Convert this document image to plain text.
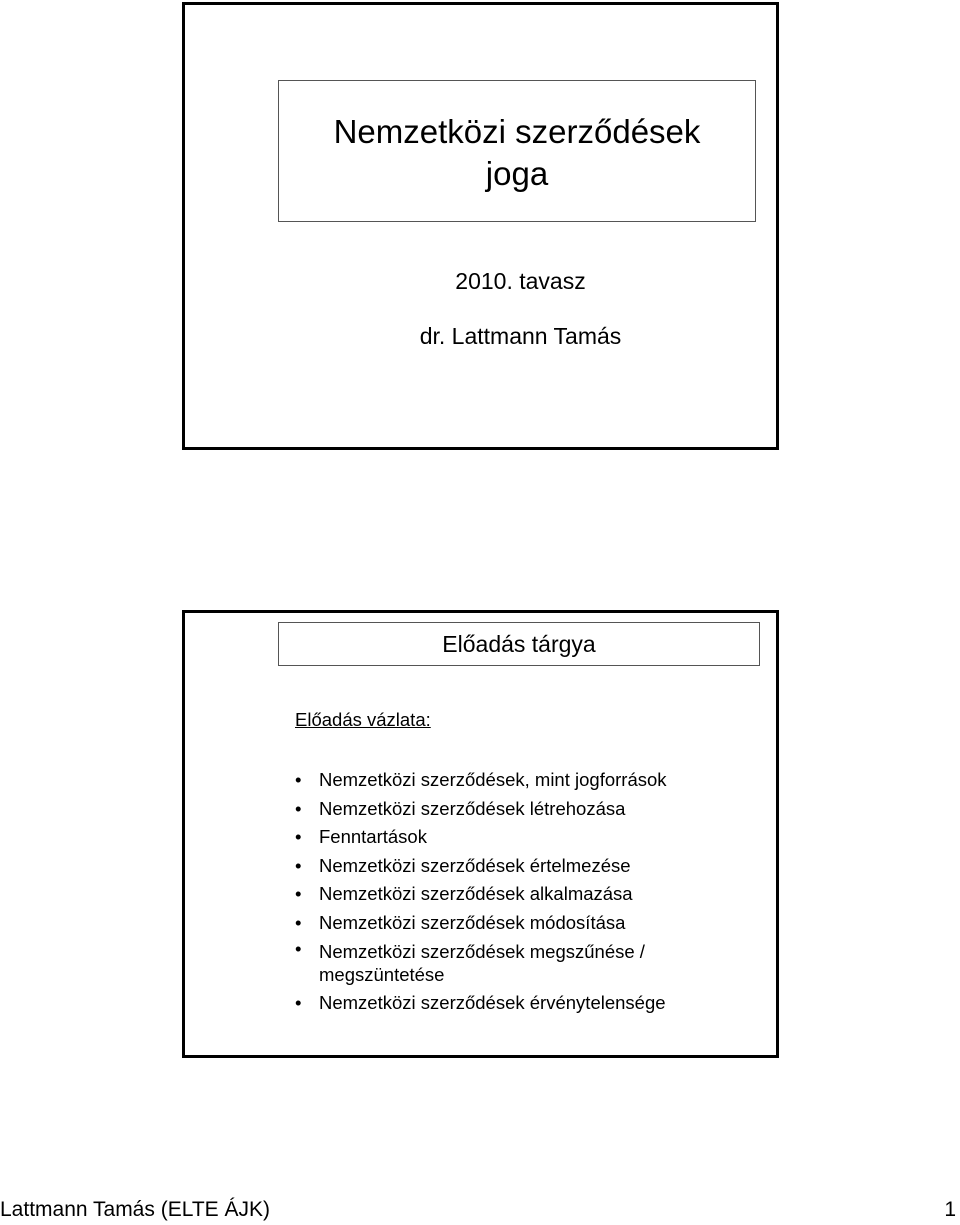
Nemzetközi szerződések
joga
2010. tavasz
dr. Lattmann Tamás
Előadás tárgya
Előadás vázlata:
• Nemzetközi szerződések, mint jogforrások
• Nemzetközi szerződések létrehozása
• Fenntartások
• Nemzetközi szerződések értelmezése
• Nemzetközi szerződések alkalmazása
• Nemzetközi szerződések módosítása
• Nemzetközi szerződések megszűnése / megszüntetése
• Nemzetközi szerződések érvénytelensége
Lattmann Tamás (ELTE ÁJK)	1
